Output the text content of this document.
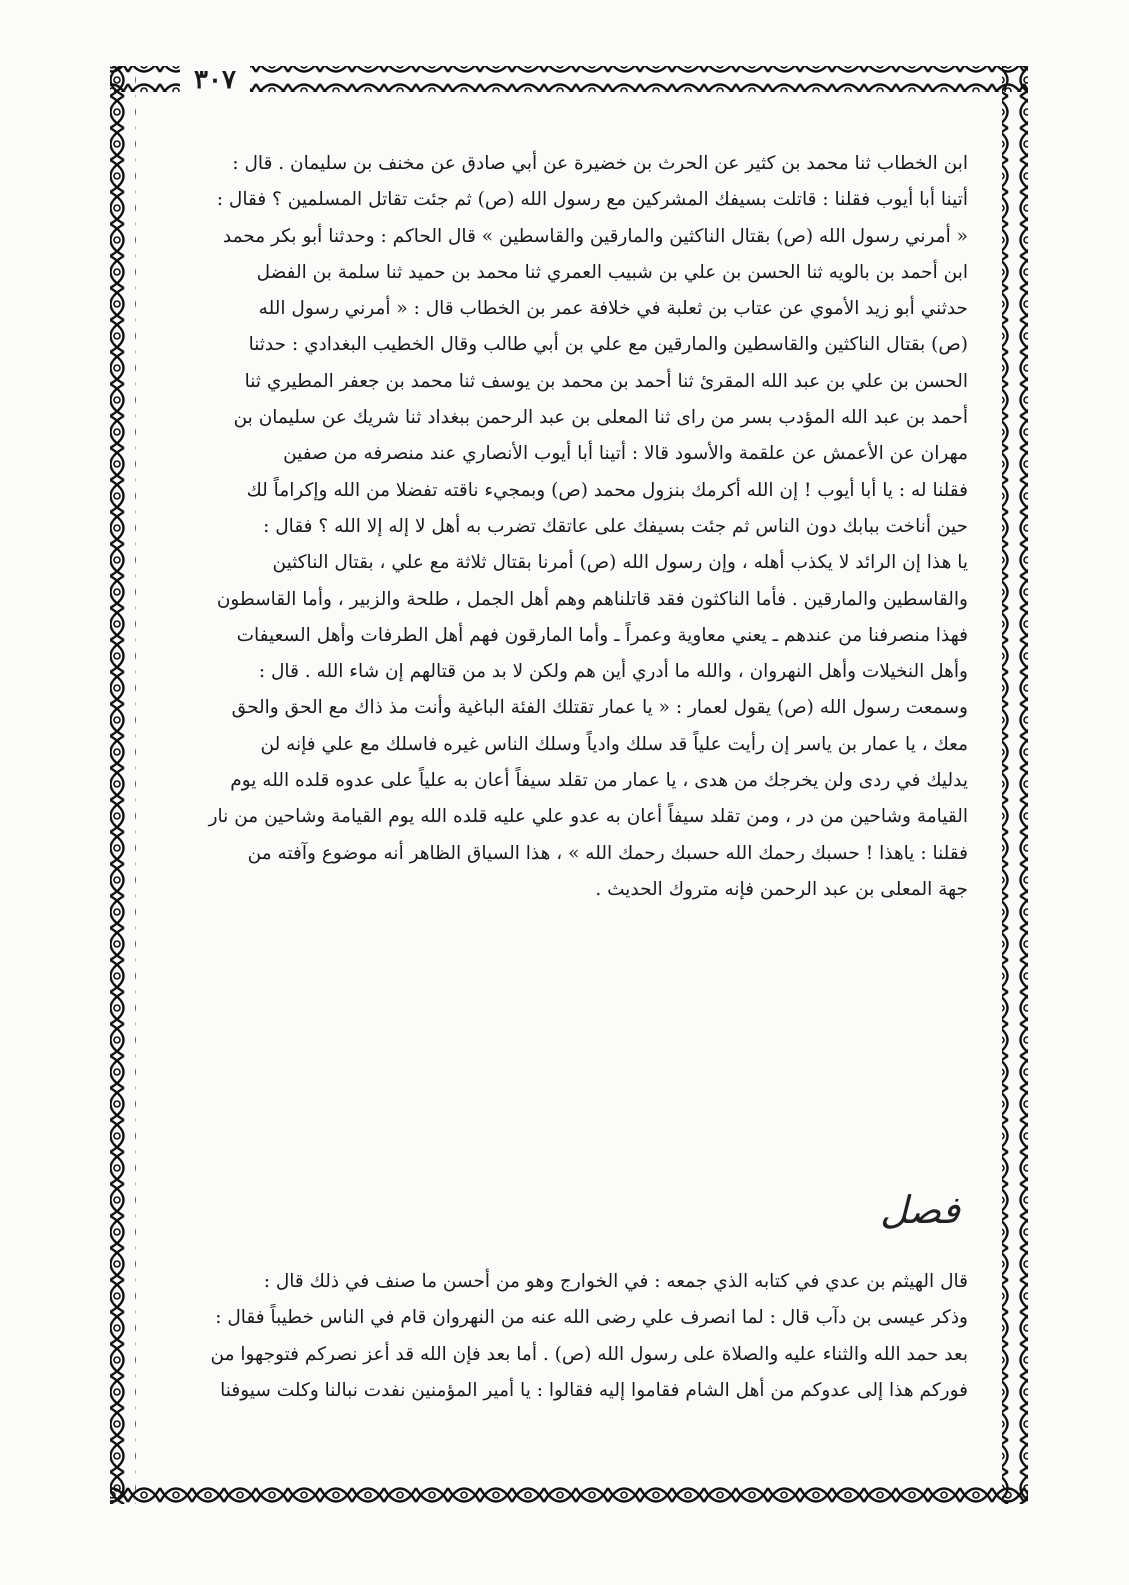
٣٠٧

ابن الخطاب ثنا محمد بن كثير عن الحرث بن خضيرة عن أبي صادق عن مخنف بن سليمان . قال :

أتينا أبا أيوب فقلنا : قاتلت بسيفك المشركين مع رسول الله (ص) ثم جئت تقاتل المسلمين ؟ فقال :

« أمرني رسول الله (ص) بقتال الناكثين والمارقين والقاسطين » قال الحاكم : وحدثنا أبو بكر محمد

ابن أحمد بن بالويه ثنا الحسن بن علي بن شبيب العمري ثنا محمد بن حميد ثنا سلمة بن الفضل

حدثني أبو زيد الأموي عن عتاب بن ثعلبة في خلافة عمر بن الخطاب قال : « أمرني رسول الله

(ص) بقتال الناكثين والقاسطين والمارقين مع علي بن أبي طالب وقال الخطيب البغدادي : حدثنا

الحسن بن علي بن عبد الله المقرئ ثنا أحمد بن محمد بن يوسف ثنا محمد بن جعفر المطيري ثنا

أحمد بن عبد الله المؤدب بسر من راى ثنا المعلى بن عبد الرحمن ببغداد ثنا شريك عن سليمان بن

مهران عن الأعمش عن علقمة والأسود قالا : أتينا أبا أيوب الأنصاري عند منصرفه من صفين

فقلنا له : يا أبا أيوب ! إن الله أكرمك بنزول محمد (ص) وبمجيء ناقته تفضلا من الله وإكراماً لك

حين أناخت ببابك دون الناس ثم جئت بسيفك على عاتقك تضرب به أهل لا إله إلا الله ؟ فقال :

يا هذا إن الرائد لا يكذب أهله ، وإن رسول الله (ص) أمرنا بقتال ثلاثة مع علي ، بقتال الناكثين

والقاسطين والمارقين . فأما الناكثون فقد قاتلناهم وهم أهل الجمل ، طلحة والزبير ، وأما القاسطون

فهذا منصرفنا من عندهم ـ يعني معاوية وعمراً ـ وأما المارقون فهم أهل الطرفات وأهل السعيفات

وأهل النخيلات وأهل النهروان ، والله ما أدري أين هم ولكن لا بد من قتالهم إن شاء الله . قال :

وسمعت رسول الله (ص) يقول لعمار : « يا عمار تقتلك الفئة الباغية وأنت مذ ذاك مع الحق والحق

معك ، يا عمار بن ياسر إن رأيت علياً قد سلك وادياً وسلك الناس غيره فاسلك مع علي فإنه لن

يدليك في ردى ولن يخرجك من هدى ، يا عمار من تقلد سيفاً أعان به علياً على عدوه قلده الله يوم

القيامة وشاحين من در ، ومن تقلد سيفاً أعان به عدو علي عليه قلده الله يوم القيامة وشاحين من نار

فقلنا : ياهذا ! حسبك رحمك الله حسبك رحمك الله » ، هذا السياق الظاهر أنه موضوع وآفته من

جهة المعلى بن عبد الرحمن فإنه متروك الحديث .

فصل

قال الهيثم بن عدي في كتابه الذي جمعه : في الخوارج وهو من أحسن ما صنف في ذلك قال :

وذكر عيسى بن دآب قال : لما انصرف علي رضى الله عنه من النهروان قام في الناس خطيباً فقال :

بعد حمد الله والثناء عليه والصلاة على رسول الله (ص) . أما بعد فإن الله قد أعز نصركم فتوجهوا من

فوركم هذا إلى عدوكم من أهل الشام فقاموا إليه فقالوا : يا أمير المؤمنين نفدت نبالنا وكلت سيوفنا
